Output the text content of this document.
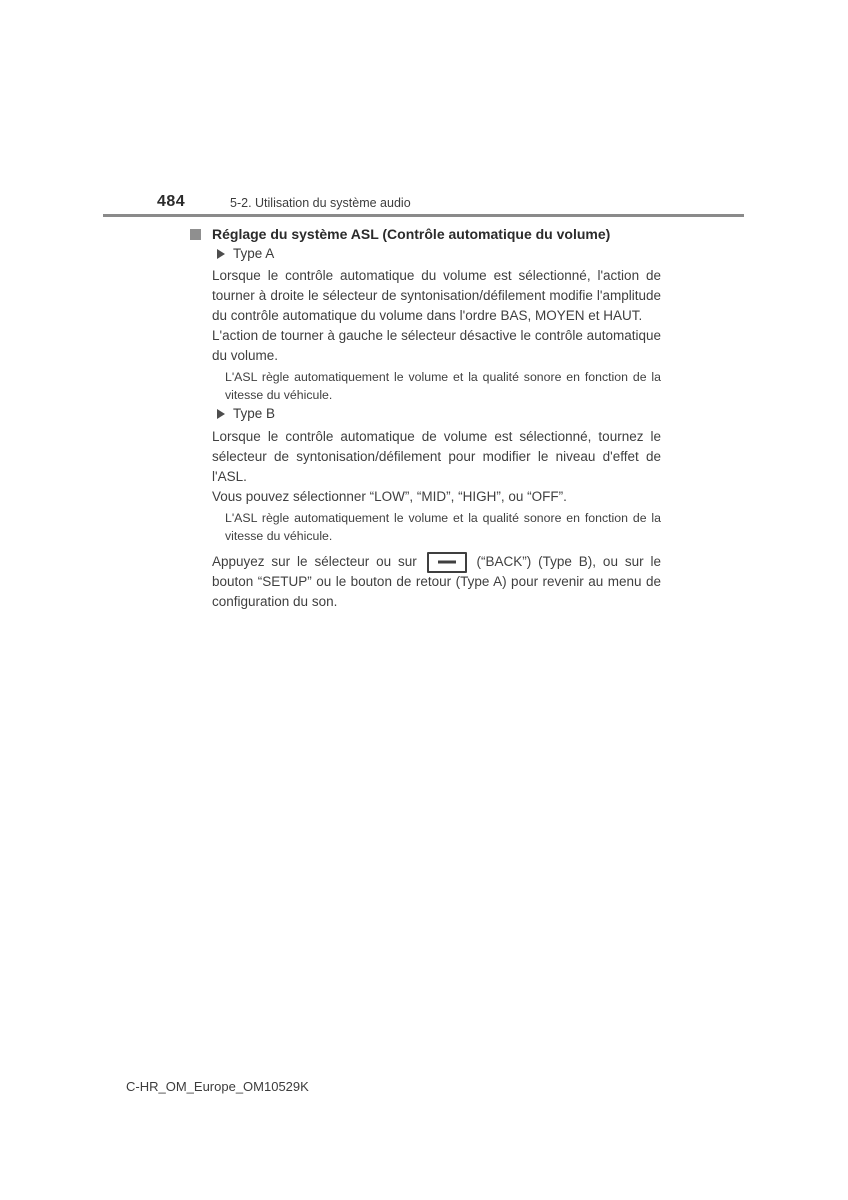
484	5-2. Utilisation du système audio
Réglage du système ASL (Contrôle automatique du volume)
Type A

Lorsque le contrôle automatique du volume est sélectionné, l'action de tourner à droite le sélecteur de syntonisation/défilement modifie l'amplitude du contrôle automatique du volume dans l'ordre BAS, MOYEN et HAUT.

L'action de tourner à gauche le sélecteur désactive le contrôle automatique du volume.

L'ASL règle automatiquement le volume et la qualité sonore en fonction de la vitesse du véhicule.

Type B

Lorsque le contrôle automatique de volume est sélectionné, tournez le sélecteur de syntonisation/défilement pour modifier le niveau d'effet de l'ASL.

Vous pouvez sélectionner “LOW”, “MID”, “HIGH”, ou “OFF”.

L'ASL règle automatiquement le volume et la qualité sonore en fonction de la vitesse du véhicule.

Appuyez sur le sélecteur ou sur	(“BACK”) (Type B), ou sur le bouton “SETUP” ou le bouton de retour (Type A) pour revenir au menu de configuration du son.

C-HR_OM_Europe_OM10529K
